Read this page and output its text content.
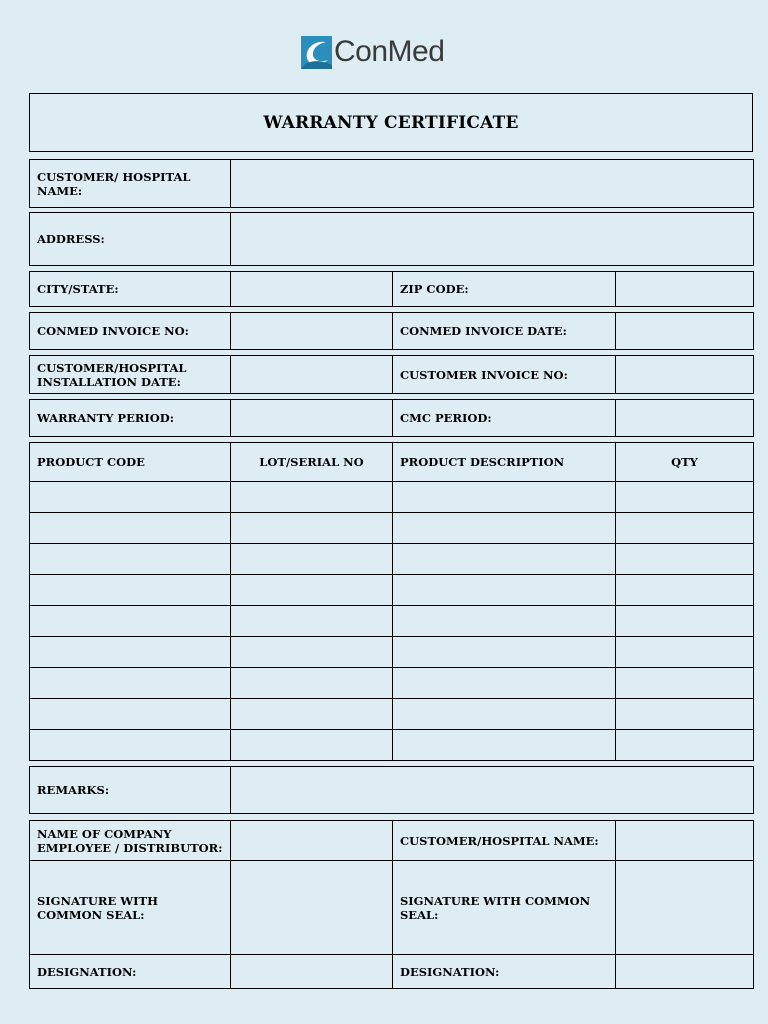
ConMed
WARRANTY CERTIFICATE
CUSTOMER/ HOSPITAL NAME:	
ADDRESS:	
CITY/STATE:		ZIP CODE:	
CONMED INVOICE NO:		CONMED INVOICE DATE:	
CUSTOMER/HOSPITAL INSTALLATION DATE:		CUSTOMER INVOICE NO:	
WARRANTY PERIOD:		CMC PERIOD:	
PRODUCT CODE	LOT/SERIAL NO	PRODUCT DESCRIPTION	QTY

REMARKS:	
NAME OF COMPANY EMPLOYEE / DISTRIBUTOR:		CUSTOMER/HOSPITAL NAME:	
SIGNATURE WITH COMMON SEAL:		SIGNATURE WITH COMMON SEAL:	
DESIGNATION:		DESIGNATION:	
